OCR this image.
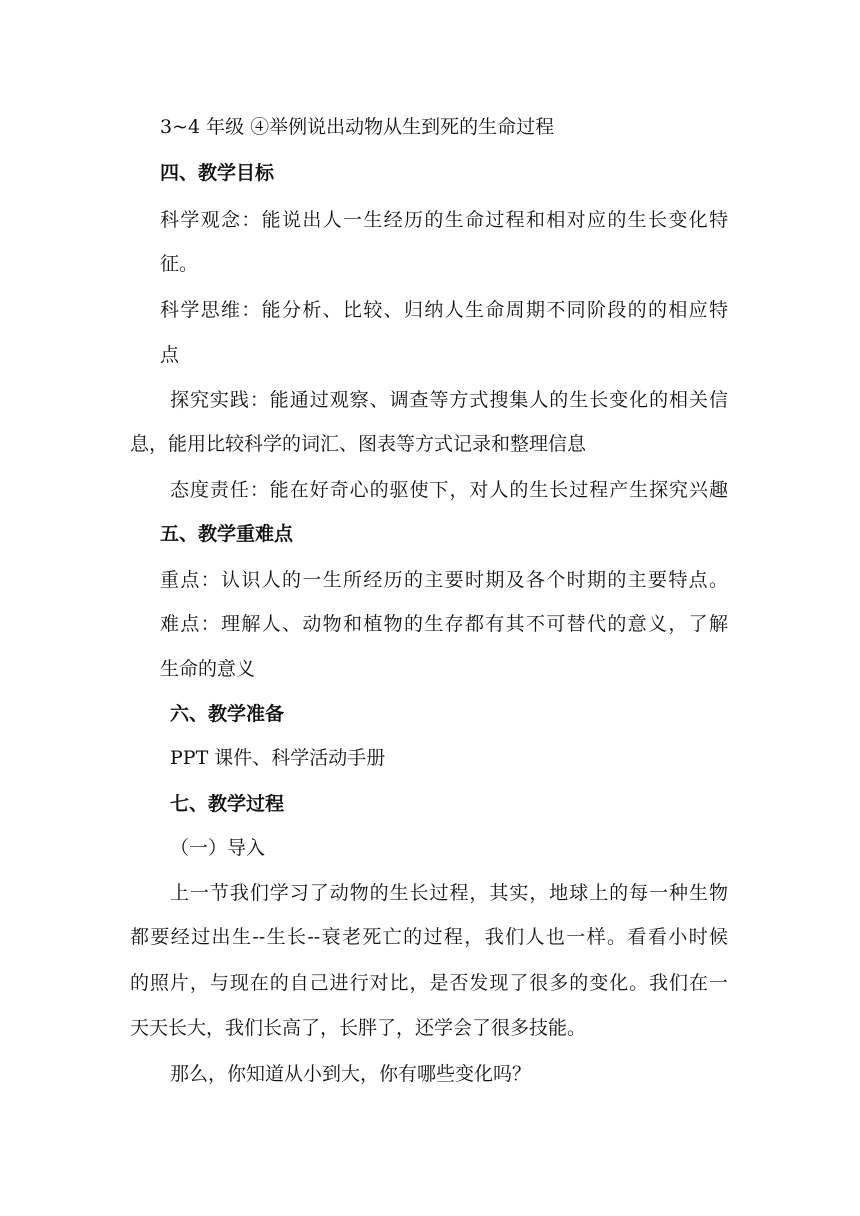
3~4 年级 ④举例说出动物从生到死的生命过程
四、教学目标
科学观念：能说出人一生经历的生命过程和相对应的生长变化特
征。
科学思维：能分析、比较、归纳人生命周期不同阶段的的相应特
点
探究实践：能通过观察、调查等方式搜集人的生长变化的相关信
息，能用比较科学的词汇、图表等方式记录和整理信息
态度责任：能在好奇心的驱使下，对人的生长过程产生探究兴趣
五、教学重难点
重点：认识人的一生所经历的主要时期及各个时期的主要特点。
难点：理解人、动物和植物的生存都有其不可替代的意义，了解
生命的意义
六、教学准备
PPT 课件、科学活动手册
七、教学过程
（一）导入
上一节我们学习了动物的生长过程，其实，地球上的每一种生物
都要经过出生--生长--衰老死亡的过程，我们人也一样。看看小时候
的照片，与现在的自己进行对比，是否发现了很多的变化。我们在一
天天长大，我们长高了，长胖了，还学会了很多技能。
那么，你知道从小到大，你有哪些变化吗？
